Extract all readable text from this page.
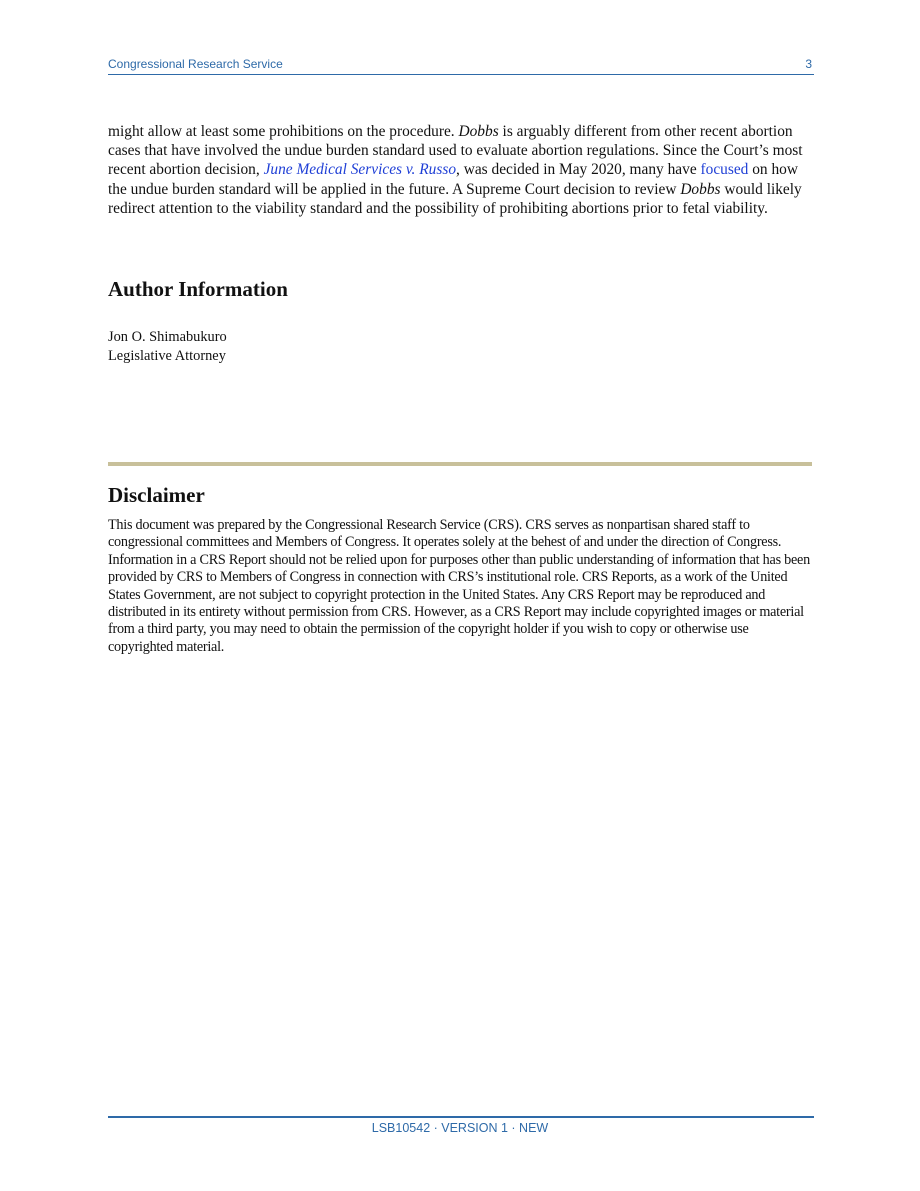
Congressional Research Service	3

might allow at least some prohibitions on the procedure. Dobbs is arguably different from other recent abortion cases that have involved the undue burden standard used to evaluate abortion regulations. Since the Court’s most recent abortion decision, June Medical Services v. Russo, was decided in May 2020, many have focused on how the undue burden standard will be applied in the future. A Supreme Court decision to review Dobbs would likely redirect attention to the viability standard and the possibility of prohibiting abortions prior to fetal viability.

Author Information
Jon O. Shimabukuro
Legislative Attorney
Disclaimer

This document was prepared by the Congressional Research Service (CRS). CRS serves as nonpartisan shared staff to congressional committees and Members of Congress. It operates solely at the behest of and under the direction of Congress. Information in a CRS Report should not be relied upon for purposes other than public understanding of information that has been provided by CRS to Members of Congress in connection with CRS’s institutional role. CRS Reports, as a work of the United States Government, are not subject to copyright protection in the United States. Any CRS Report may be reproduced and distributed in its entirety without permission from CRS. However, as a CRS Report may include copyrighted images or material from a third party, you may need to obtain the permission of the copyright holder if you wish to copy or otherwise use copyrighted material.

LSB10542 · VERSION 1 · NEW
